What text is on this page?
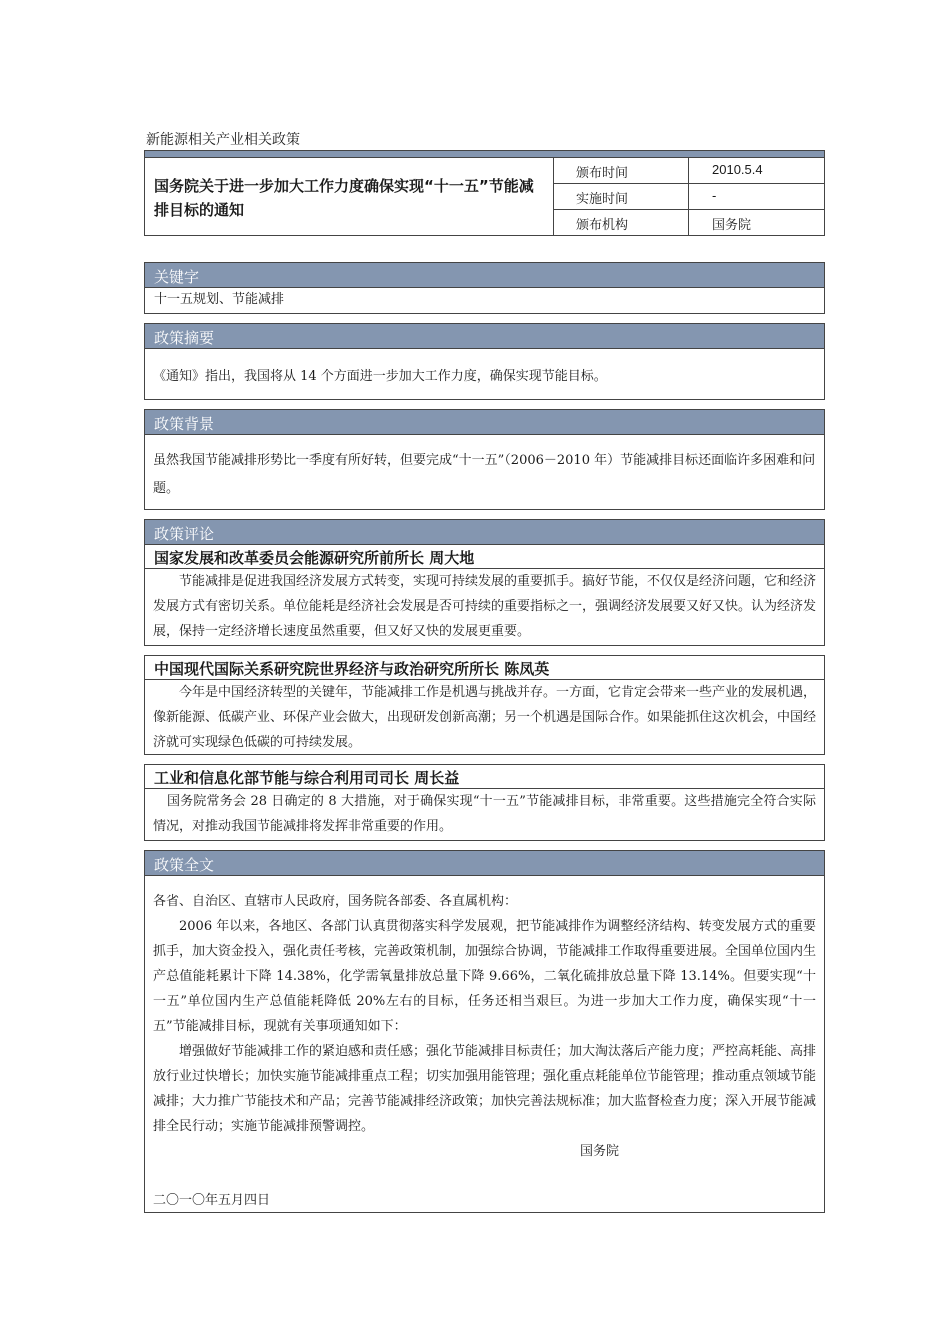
新能源相关产业相关政策
国务院关于进一步加大工作力度确保实现“十一五”节能减排目标的通知
颁布时间	2010.5.4
实施时间	-
颁布机构	国务院
关键字
十一五规划、节能减排
政策摘要
《通知》指出，我国将从 14 个方面进一步加大工作力度，确保实现节能目标。
政策背景
虽然我国节能减排形势比一季度有所好转，但要完成“十一五”（2006－2010 年）节能减排目标还面临许多困难和问题。
政策评论
国家发展和改革委员会能源研究所前所长 周大地
节能减排是促进我国经济发展方式转变，实现可持续发展的重要抓手。搞好节能，不仅仅是经济问题，它和经济发展方式有密切关系。单位能耗是经济社会发展是否可持续的重要指标之一，强调经济发展要又好又快。认为经济发展，保持一定经济增长速度虽然重要，但又好又快的发展更重要。
中国现代国际关系研究院世界经济与政治研究所所长 陈凤英
今年是中国经济转型的关键年，节能减排工作是机遇与挑战并存。一方面，它肯定会带来一些产业的发展机遇，像新能源、低碳产业、环保产业会做大，出现研发创新高潮；另一个机遇是国际合作。如果能抓住这次机会，中国经济就可实现绿色低碳的可持续发展。
工业和信息化部节能与综合利用司司长 周长益
国务院常务会 28 日确定的 8 大措施，对于确保实现“十一五”节能减排目标，非常重要。这些措施完全符合实际情况，对推动我国节能减排将发挥非常重要的作用。
政策全文
各省、自治区、直辖市人民政府，国务院各部委、各直属机构：
2006 年以来，各地区、各部门认真贯彻落实科学发展观，把节能减排作为调整经济结构、转变发展方式的重要抓手，加大资金投入，强化责任考核，完善政策机制，加强综合协调，节能减排工作取得重要进展。全国单位国内生产总值能耗累计下降 14.38%，化学需氧量排放总量下降 9.66%，二氧化硫排放总量下降 13.14%。但要实现“十一五”单位国内生产总值能耗降低 20%左右的目标，任务还相当艰巨。为进一步加大工作力度，确保实现“十一五”节能减排目标，现就有关事项通知如下：
增强做好节能减排工作的紧迫感和责任感；强化节能减排目标责任；加大淘汰落后产能力度；严控高耗能、高排放行业过快增长；加快实施节能减排重点工程；切实加强用能管理；强化重点耗能单位节能管理；推动重点领域节能减排；大力推广节能技术和产品；完善节能减排经济政策；加快完善法规标准；加大监督检查力度；深入开展节能减排全民行动；实施节能减排预警调控。
国务院
二〇一〇年五月四日
